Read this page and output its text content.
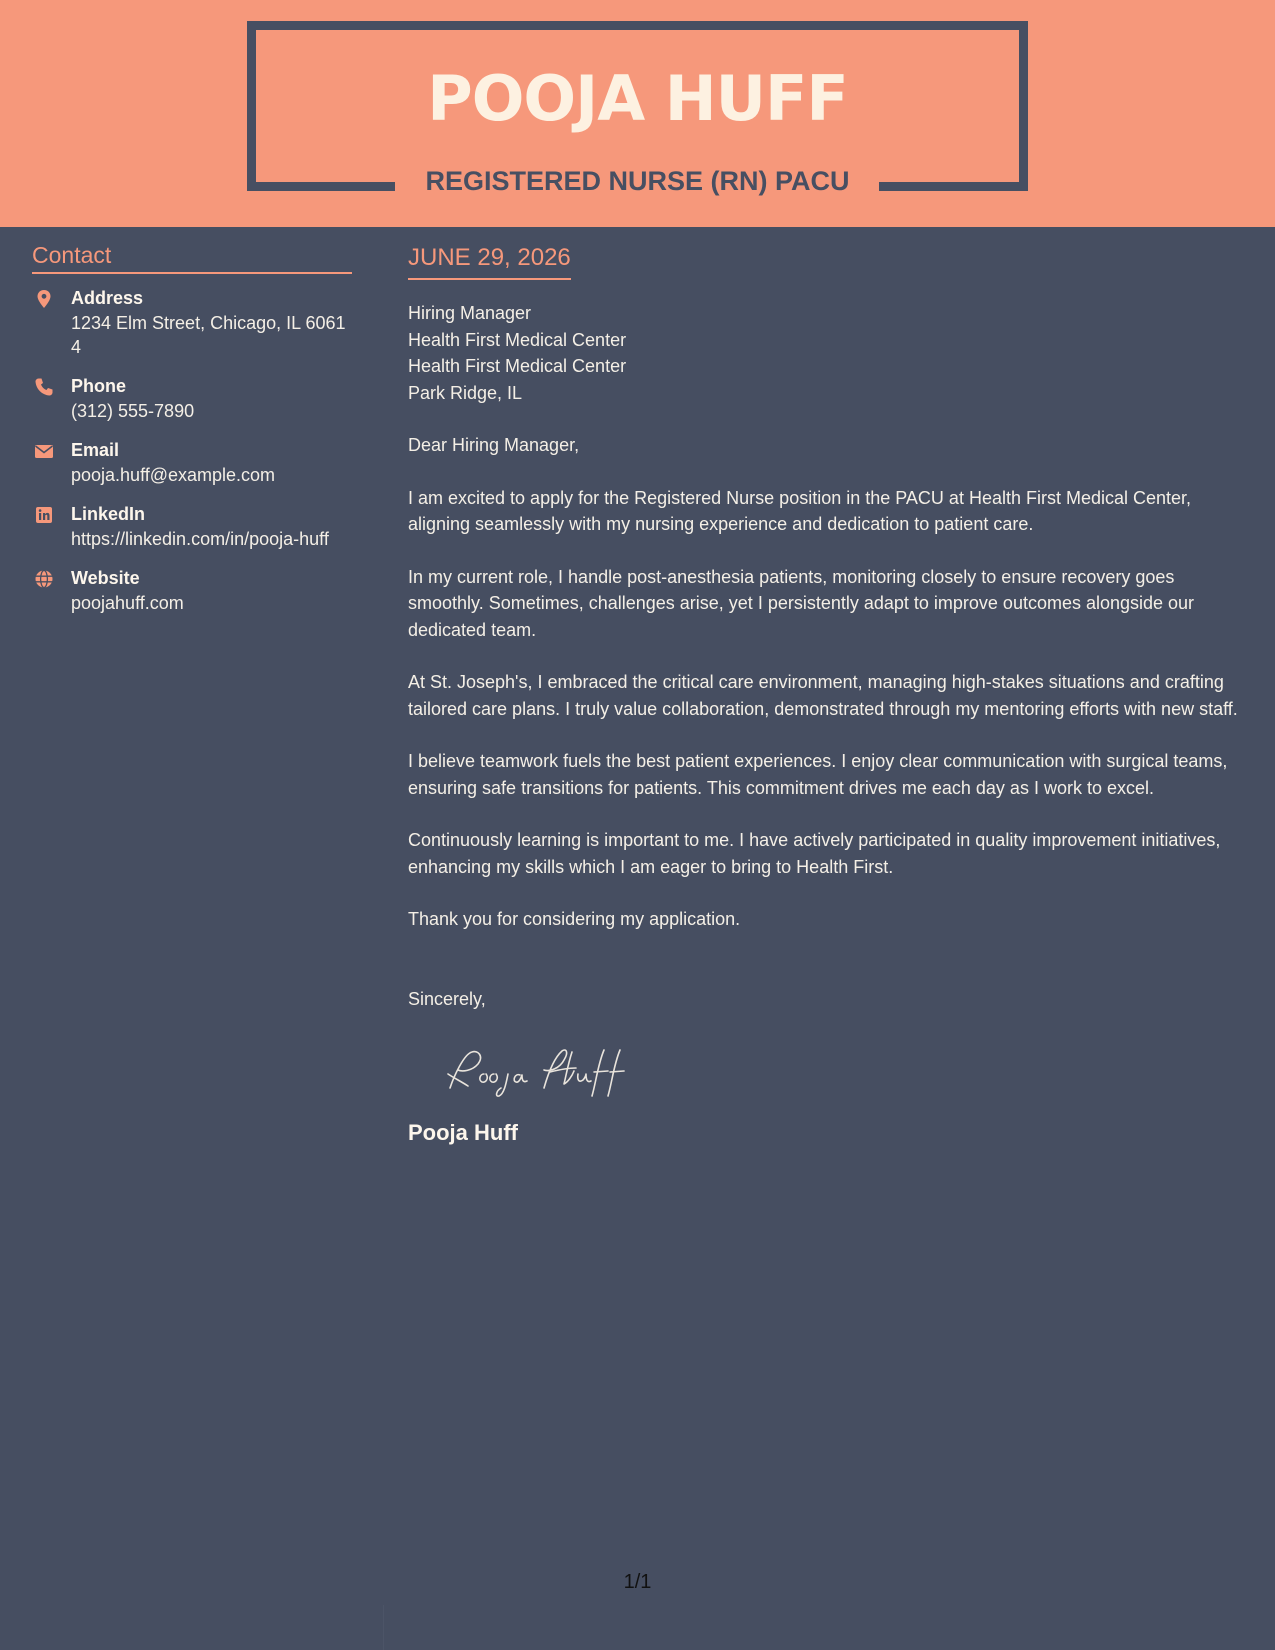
POOJA HUFF
REGISTERED NURSE (RN) PACU
Contact
Address
1234 Elm Street, Chicago, IL 60614
Phone
(312) 555-7890
Email
pooja.huff@example.com
LinkedIn
https://linkedin.com/in/pooja-huff
Website
poojahuff.com
JUNE 29, 2026
Hiring Manager
Health First Medical Center
Health First Medical Center
Park Ridge, IL

Dear Hiring Manager,

I am excited to apply for the Registered Nurse position in the PACU at Health First Medical Center, aligning seamlessly with my nursing experience and dedication to patient care.

In my current role, I handle post-anesthesia patients, monitoring closely to ensure recovery goes smoothly. Sometimes, challenges arise, yet I persistently adapt to improve outcomes alongside our dedicated team.

At St. Joseph's, I embraced the critical care environment, managing high-stakes situations and crafting tailored care plans. I truly value collaboration, demonstrated through my mentoring efforts with new staff.

I believe teamwork fuels the best patient experiences. I enjoy clear communication with surgical teams, ensuring safe transitions for patients. This commitment drives me each day as I work to excel.

Continuously learning is important to me. I have actively participated in quality improvement initiatives, enhancing my skills which I am eager to bring to Health First.

Thank you for considering my application.

Sincerely,

Pooja Huff
1/1
